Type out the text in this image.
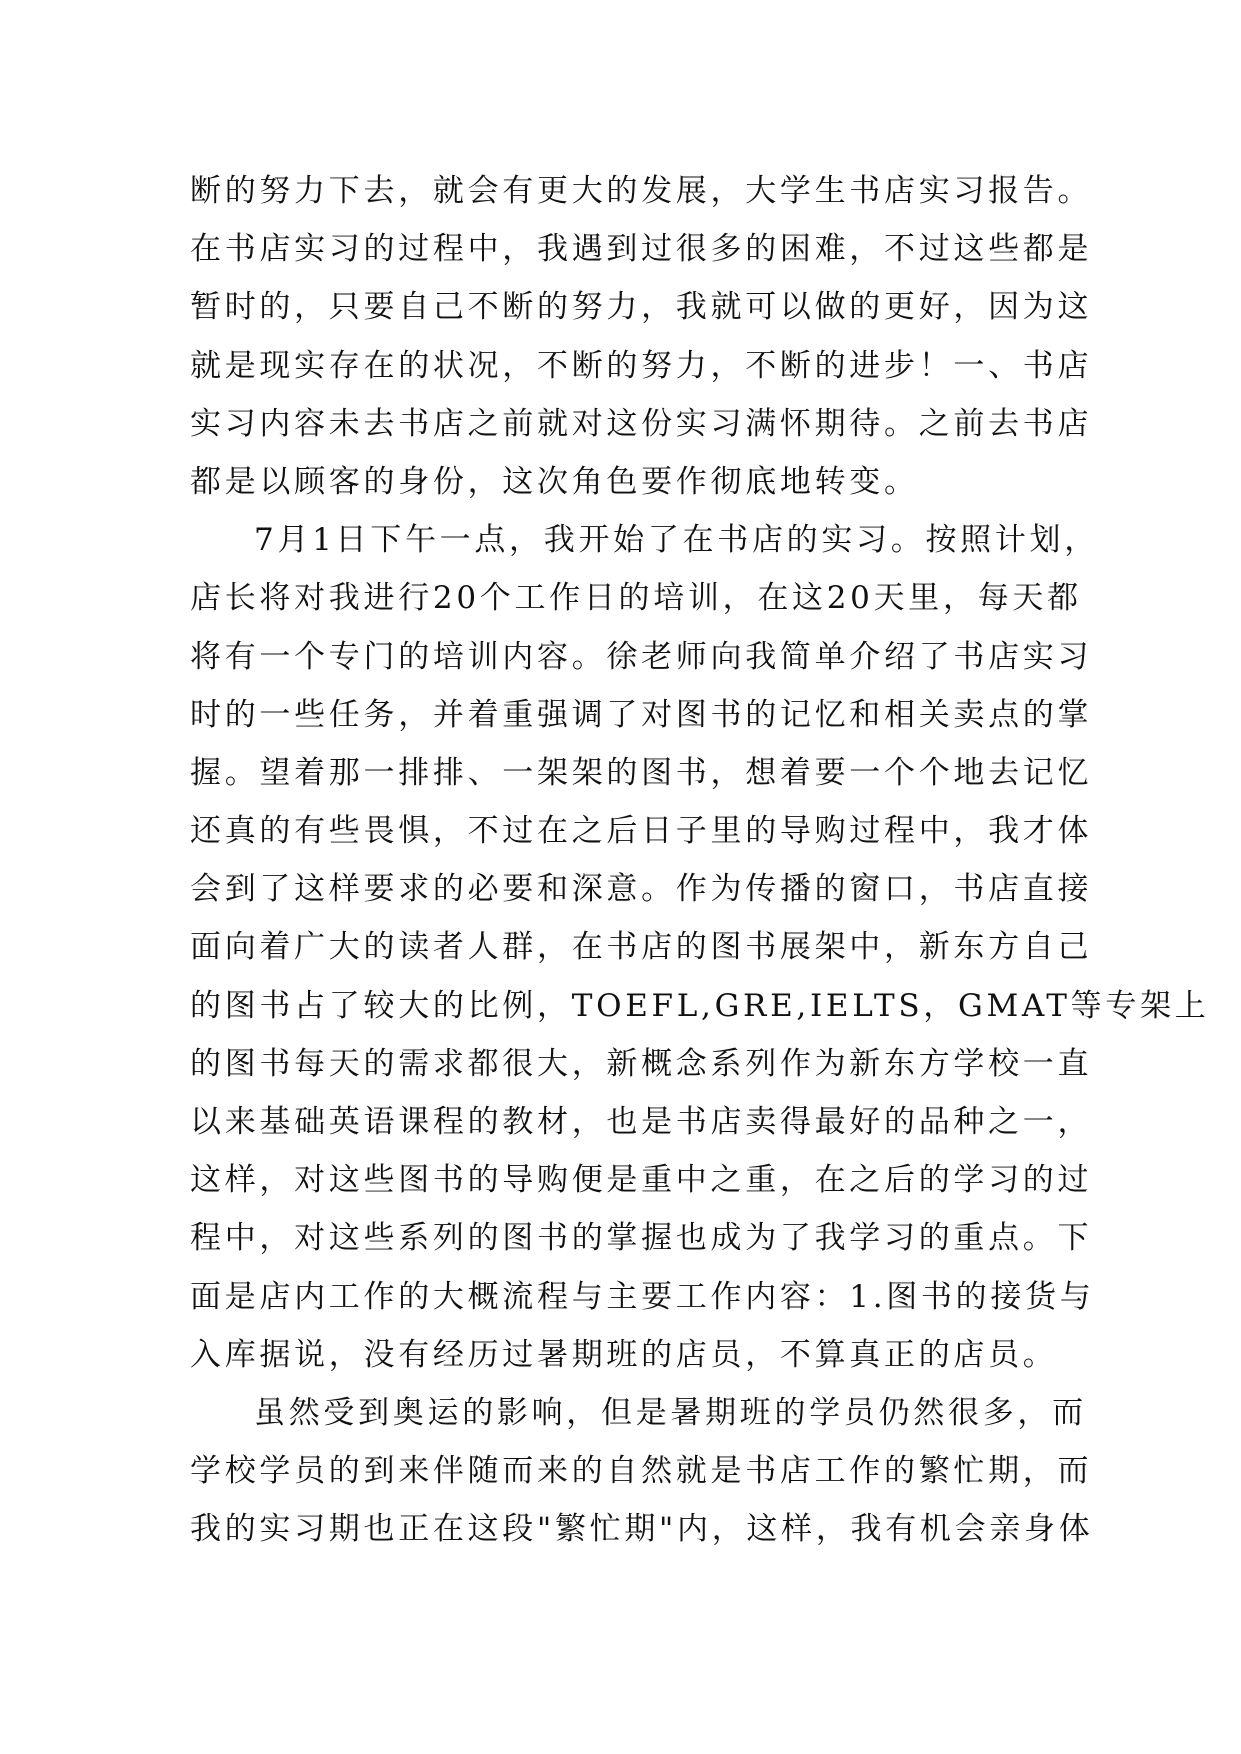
断的努力下去，就会有更大的发展，大学生书店实习报告。
在书店实习的过程中，我遇到过很多的困难，不过这些都是
暂时的，只要自己不断的努力，我就可以做的更好，因为这
就是现实存在的状况，不断的努力，不断的进步！一、书店
实习内容未去书店之前就对这份实习满怀期待。之前去书店
都是以顾客的身份，这次角色要作彻底地转变。
7月1日下午一点，我开始了在书店的实习。按照计划，
店长将对我进行20个工作日的培训，在这20天里，每天都
将有一个专门的培训内容。徐老师向我简单介绍了书店实习
时的一些任务，并着重强调了对图书的记忆和相关卖点的掌
握。望着那一排排、一架架的图书，想着要一个个地去记忆
还真的有些畏惧，不过在之后日子里的导购过程中，我才体
会到了这样要求的必要和深意。作为传播的窗口，书店直接
面向着广大的读者人群，在书店的图书展架中，新东方自己
的图书占了较大的比例，TOEFL,GRE,IELTS，GMAT等专架上
的图书每天的需求都很大，新概念系列作为新东方学校一直
以来基础英语课程的教材，也是书店卖得最好的品种之一，
这样，对这些图书的导购便是重中之重，在之后的学习的过
程中，对这些系列的图书的掌握也成为了我学习的重点。下
面是店内工作的大概流程与主要工作内容：1.图书的接货与
入库据说，没有经历过暑期班的店员，不算真正的店员。
虽然受到奥运的影响，但是暑期班的学员仍然很多，而
学校学员的到来伴随而来的自然就是书店工作的繁忙期，而
我的实习期也正在这段"繁忙期"内，这样，我有机会亲身体
